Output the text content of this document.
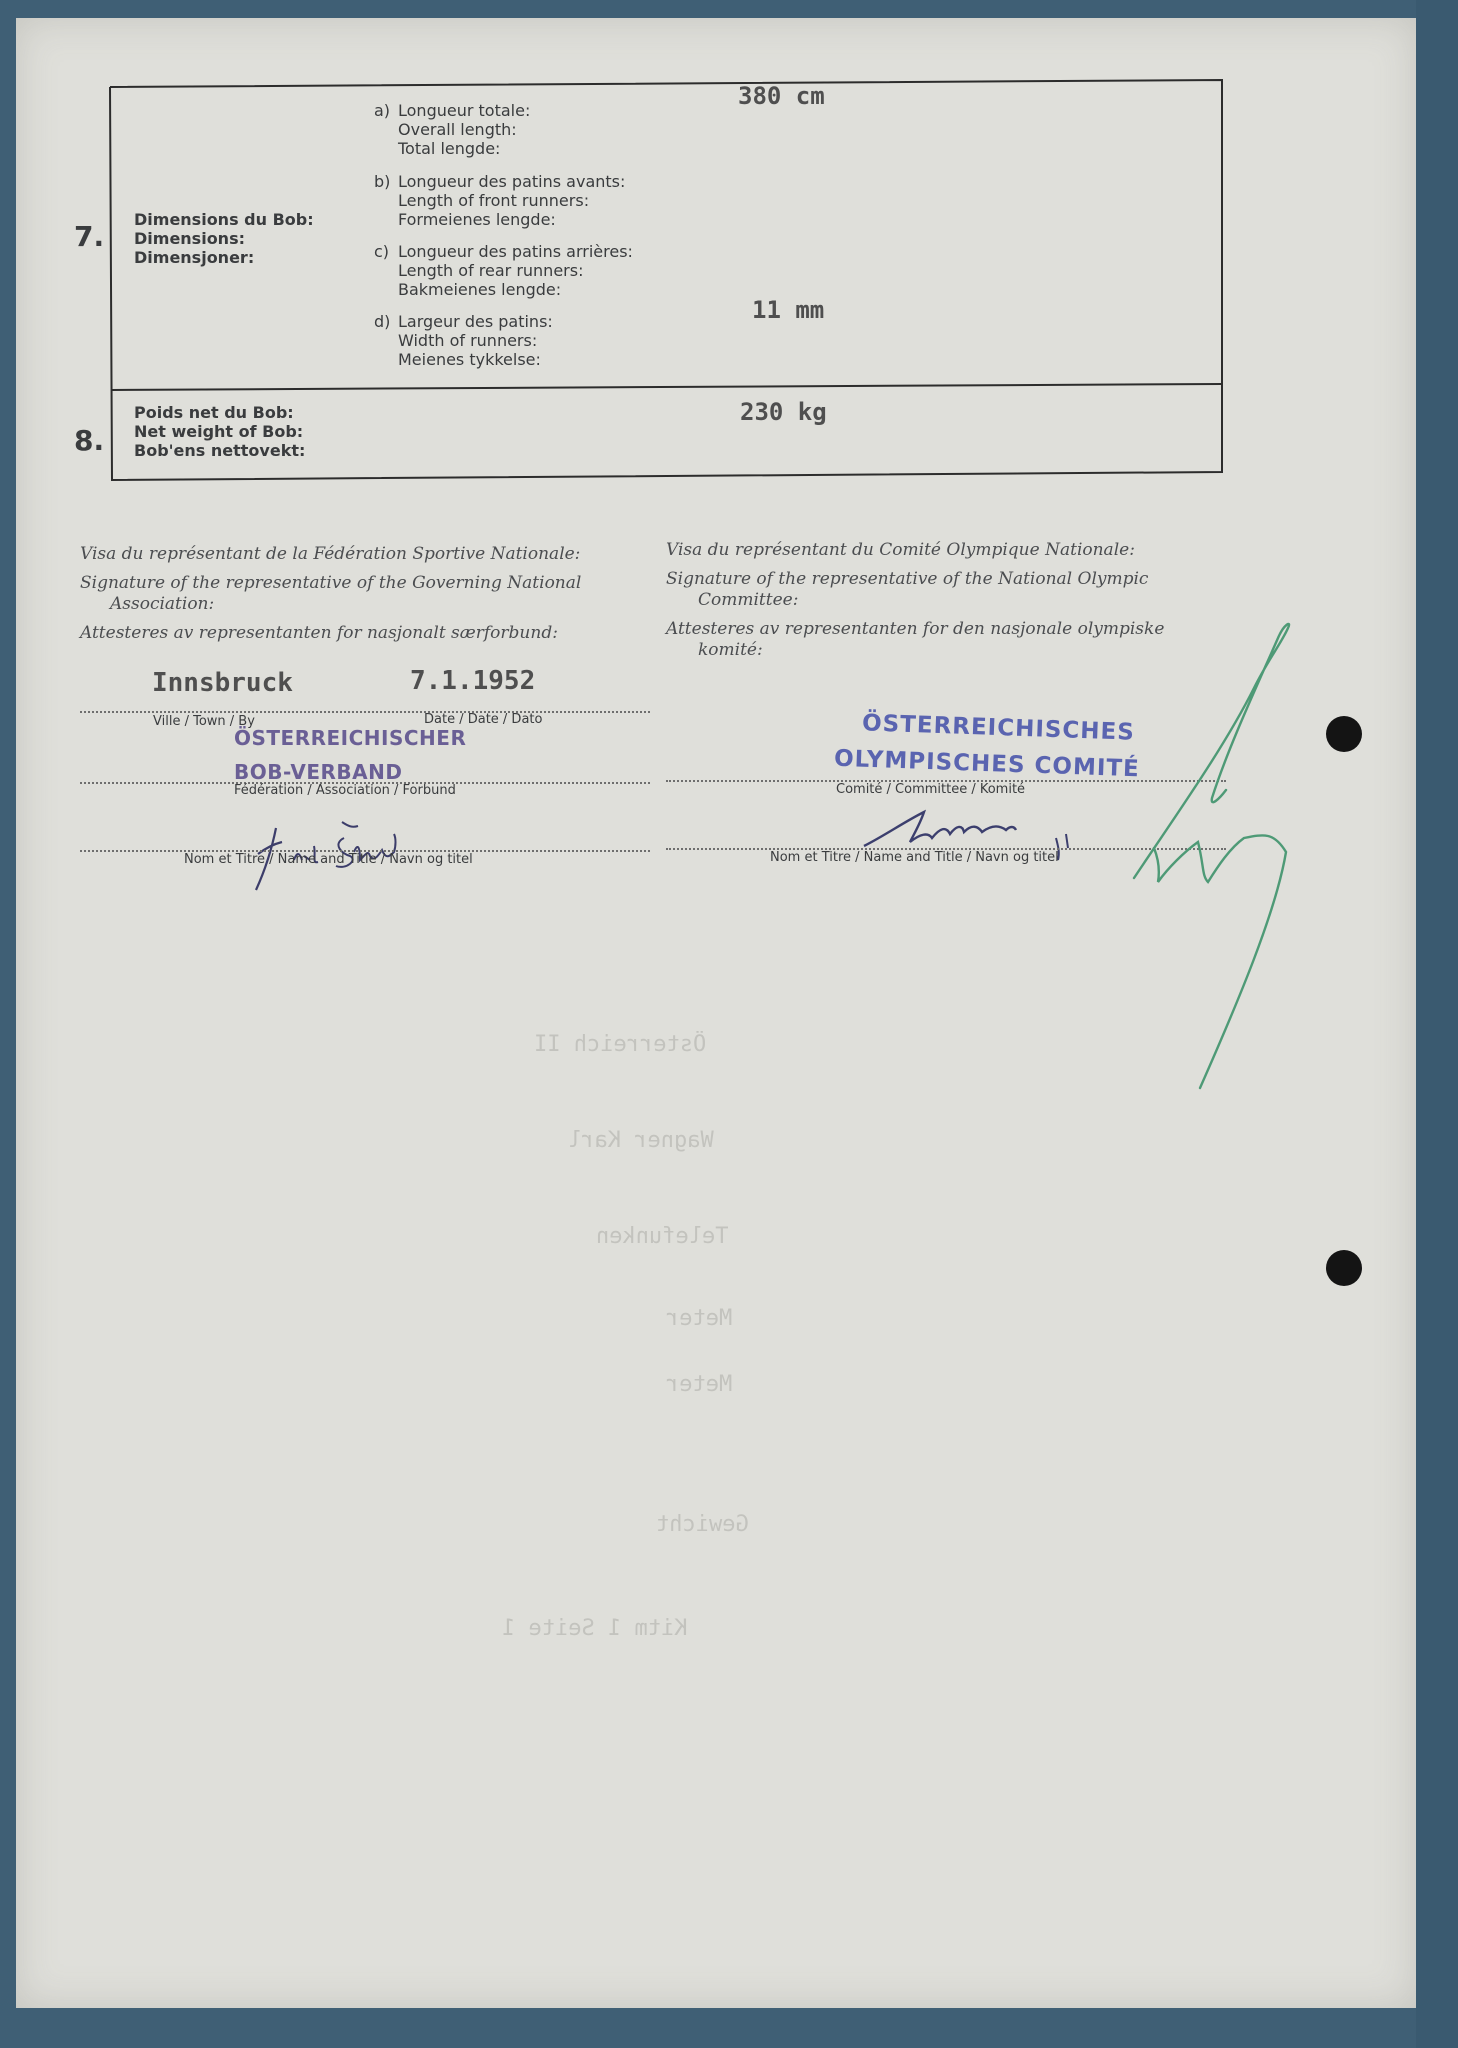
7.
Dimensions du Bob:
Dimensions:
Dimensjoner:
a) Longueur totale:
Overall length:
Total lengde:
b) Longueur des patins avants:
Length of front runners:
Formeienes lengde:
c) Longueur des patins arrières:
Length of rear runners:
Bakmeienes lengde:
d) Largeur des patins:
Width of runners:
Meienes tykkelse:
380 cm
11 mm
8.
Poids net du Bob:
Net weight of Bob:
Bob'ens nettovekt:
230 kg
Visa du représentant de la Fédération Sportive Nationale:
Signature of the representative of the Governing National
Association:
Attesteres av representanten for nasjonalt særforbund:
Visa du représentant du Comité Olympique Nationale:
Signature of the representative of the National Olympic
Committee:
Attesteres av representanten for den nasjonale olympiske
komité:
Innsbruck	7.1.1952
Ville / Town / By	Date / Date / Dato
ÖSTERREICHISCHER
BOB-VERBAND
Fédération / Association / Forbund
Nom et Titre / Name and Title / Navn og titel
ÖSTERREICHISCHES
OLYMPISCHES COMITÉ
Comité / Committee / Komité
Nom et Titre / Name and Title / Navn og titel
Österreich II
Wagner Karl
Telefunken
Meter
Meter
Gewicht
Kitm 1 Seite 1
